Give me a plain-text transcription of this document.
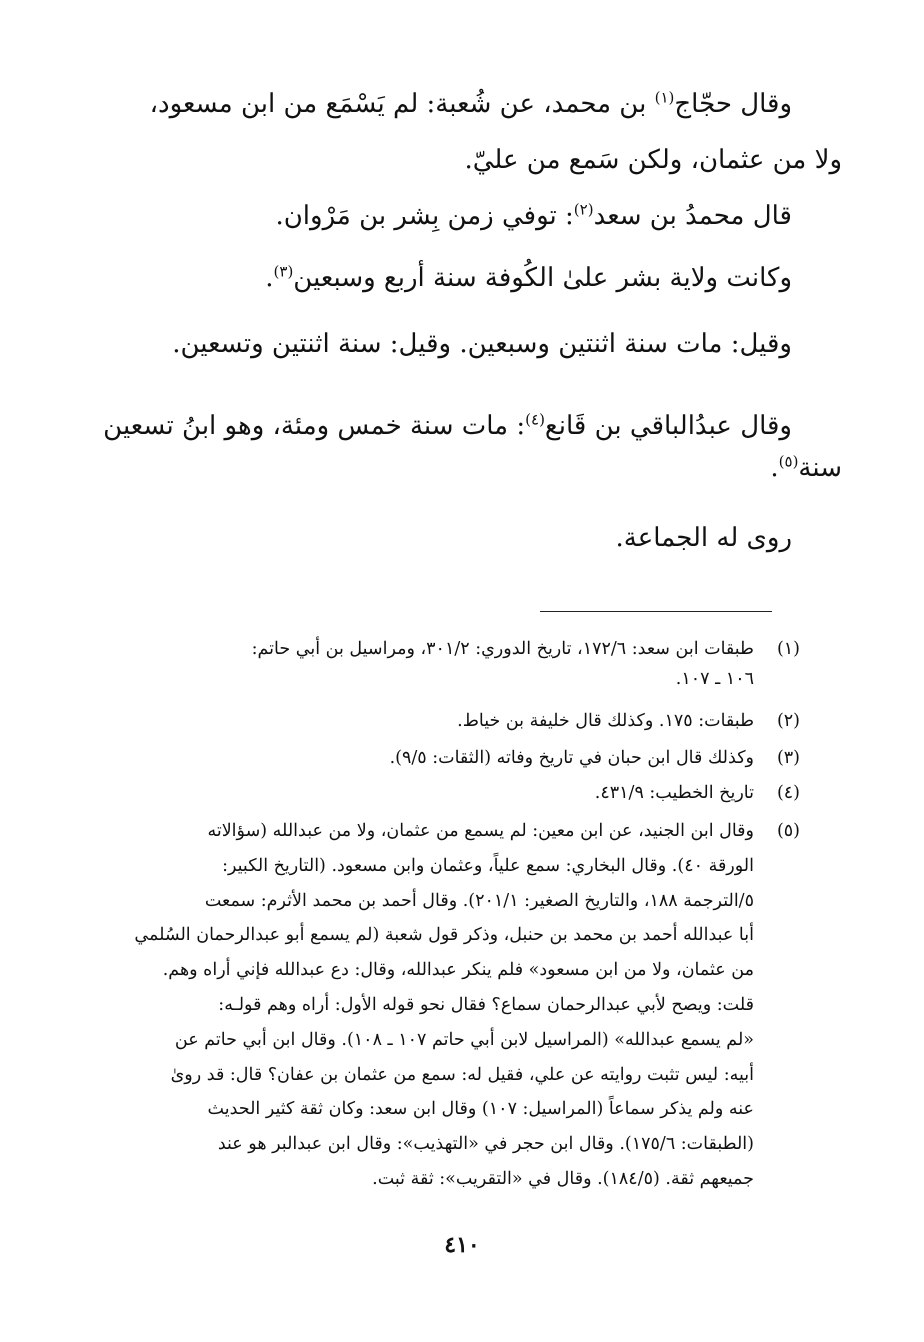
وقال حجّاج$^{(١)}$ بن محمد، عن شُعبة: لم يَسْمَع من ابن مسعود،

ولا من عثمان، ولكن سَمع من عليّ.

قال محمدُ بن سعد$^{(٢)}$: توفي زمن بِشر بن مَرْوان.

وكانت ولاية بشر علىٰ الكُوفة سنة أربع وسبعين$^{(٣)}$.

وقيل: مات سنة اثنتين وسبعين. وقيل: سنة اثنتين وتسعين.

وقال عبدُالباقي بن قَانع$^{(٤)}$: مات سنة خمس ومئة، وهو ابنُ تسعين

سنة$^{(٥)}$.

روى له الجماعة.

(١)
طبقات ابن سعد: ١٧٢/٦، تاريخ الدوري: ٣٠١/٢، ومراسيل بن أبي حاتم:
١٠٦ ـ ١٠٧.
(٢)
طبقات: ١٧٥. وكذلك قال خليفة بن خياط.
(٣)
وكذلك قال ابن حبان في تاريخ وفاته (الثقات: ٩/٥).
(٤)
تاريخ الخطيب: ٤٣١/٩.
(٥)
وقال ابن الجنيد، عن ابن معين: لم يسمع من عثمان، ولا من عبدالله (سؤالاته
الورقة ٤٠). وقال البخاري: سمع علياً، وعثمان وابن مسعود. (التاريخ الكبير:
٥/الترجمة ١٨٨، والتاريخ الصغير: ٢٠١/١). وقال أحمد بن محمد الأثرم: سمعت
أبا عبدالله أحمد بن محمد بن حنبل، وذكر قول شعبة (لم يسمع أبو عبدالرحمان السُلمي
من عثمان، ولا من ابن مسعود» فلم ينكر عبدالله، وقال: دع عبدالله فإني أراه وهم.
قلت: ويصح لأبي عبدالرحمان سماع؟ فقال نحو قوله الأول: أراه وهم قولـه:
«لم يسمع عبدالله» (المراسيل لابن أبي حاتم ١٠٧ ـ ١٠٨). وقال ابن أبي حاتم عن
أبيه: ليس تثبت روايته عن علي، فقيل له: سمع من عثمان بن عفان؟ قال: قد روىٰ
عنه ولم يذكر سماعاً (المراسيل: ١٠٧) وقال ابن سعد: وكان ثقة كثير الحديث
(الطبقات: ١٧٥/٦). وقال ابن حجر في «التهذيب»: وقال ابن عبدالبر هو عند
جميعهم ثقة. (١٨٤/٥). وقال في «التقريب»: ثقة ثبت.
٤١٠
